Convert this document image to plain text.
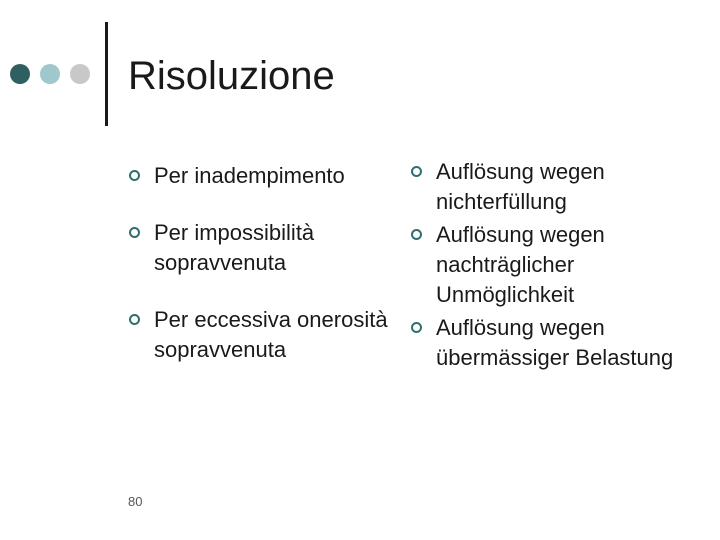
Risoluzione
Per inadempimento
Per impossibilità sopravvenuta
Per eccessiva onerosità sopravvenuta
Auflösung wegen nichterfüllung
Auflösung wegen nachträglicher Unmöglichkeit
Auflösung wegen übermässiger Belastung
80
